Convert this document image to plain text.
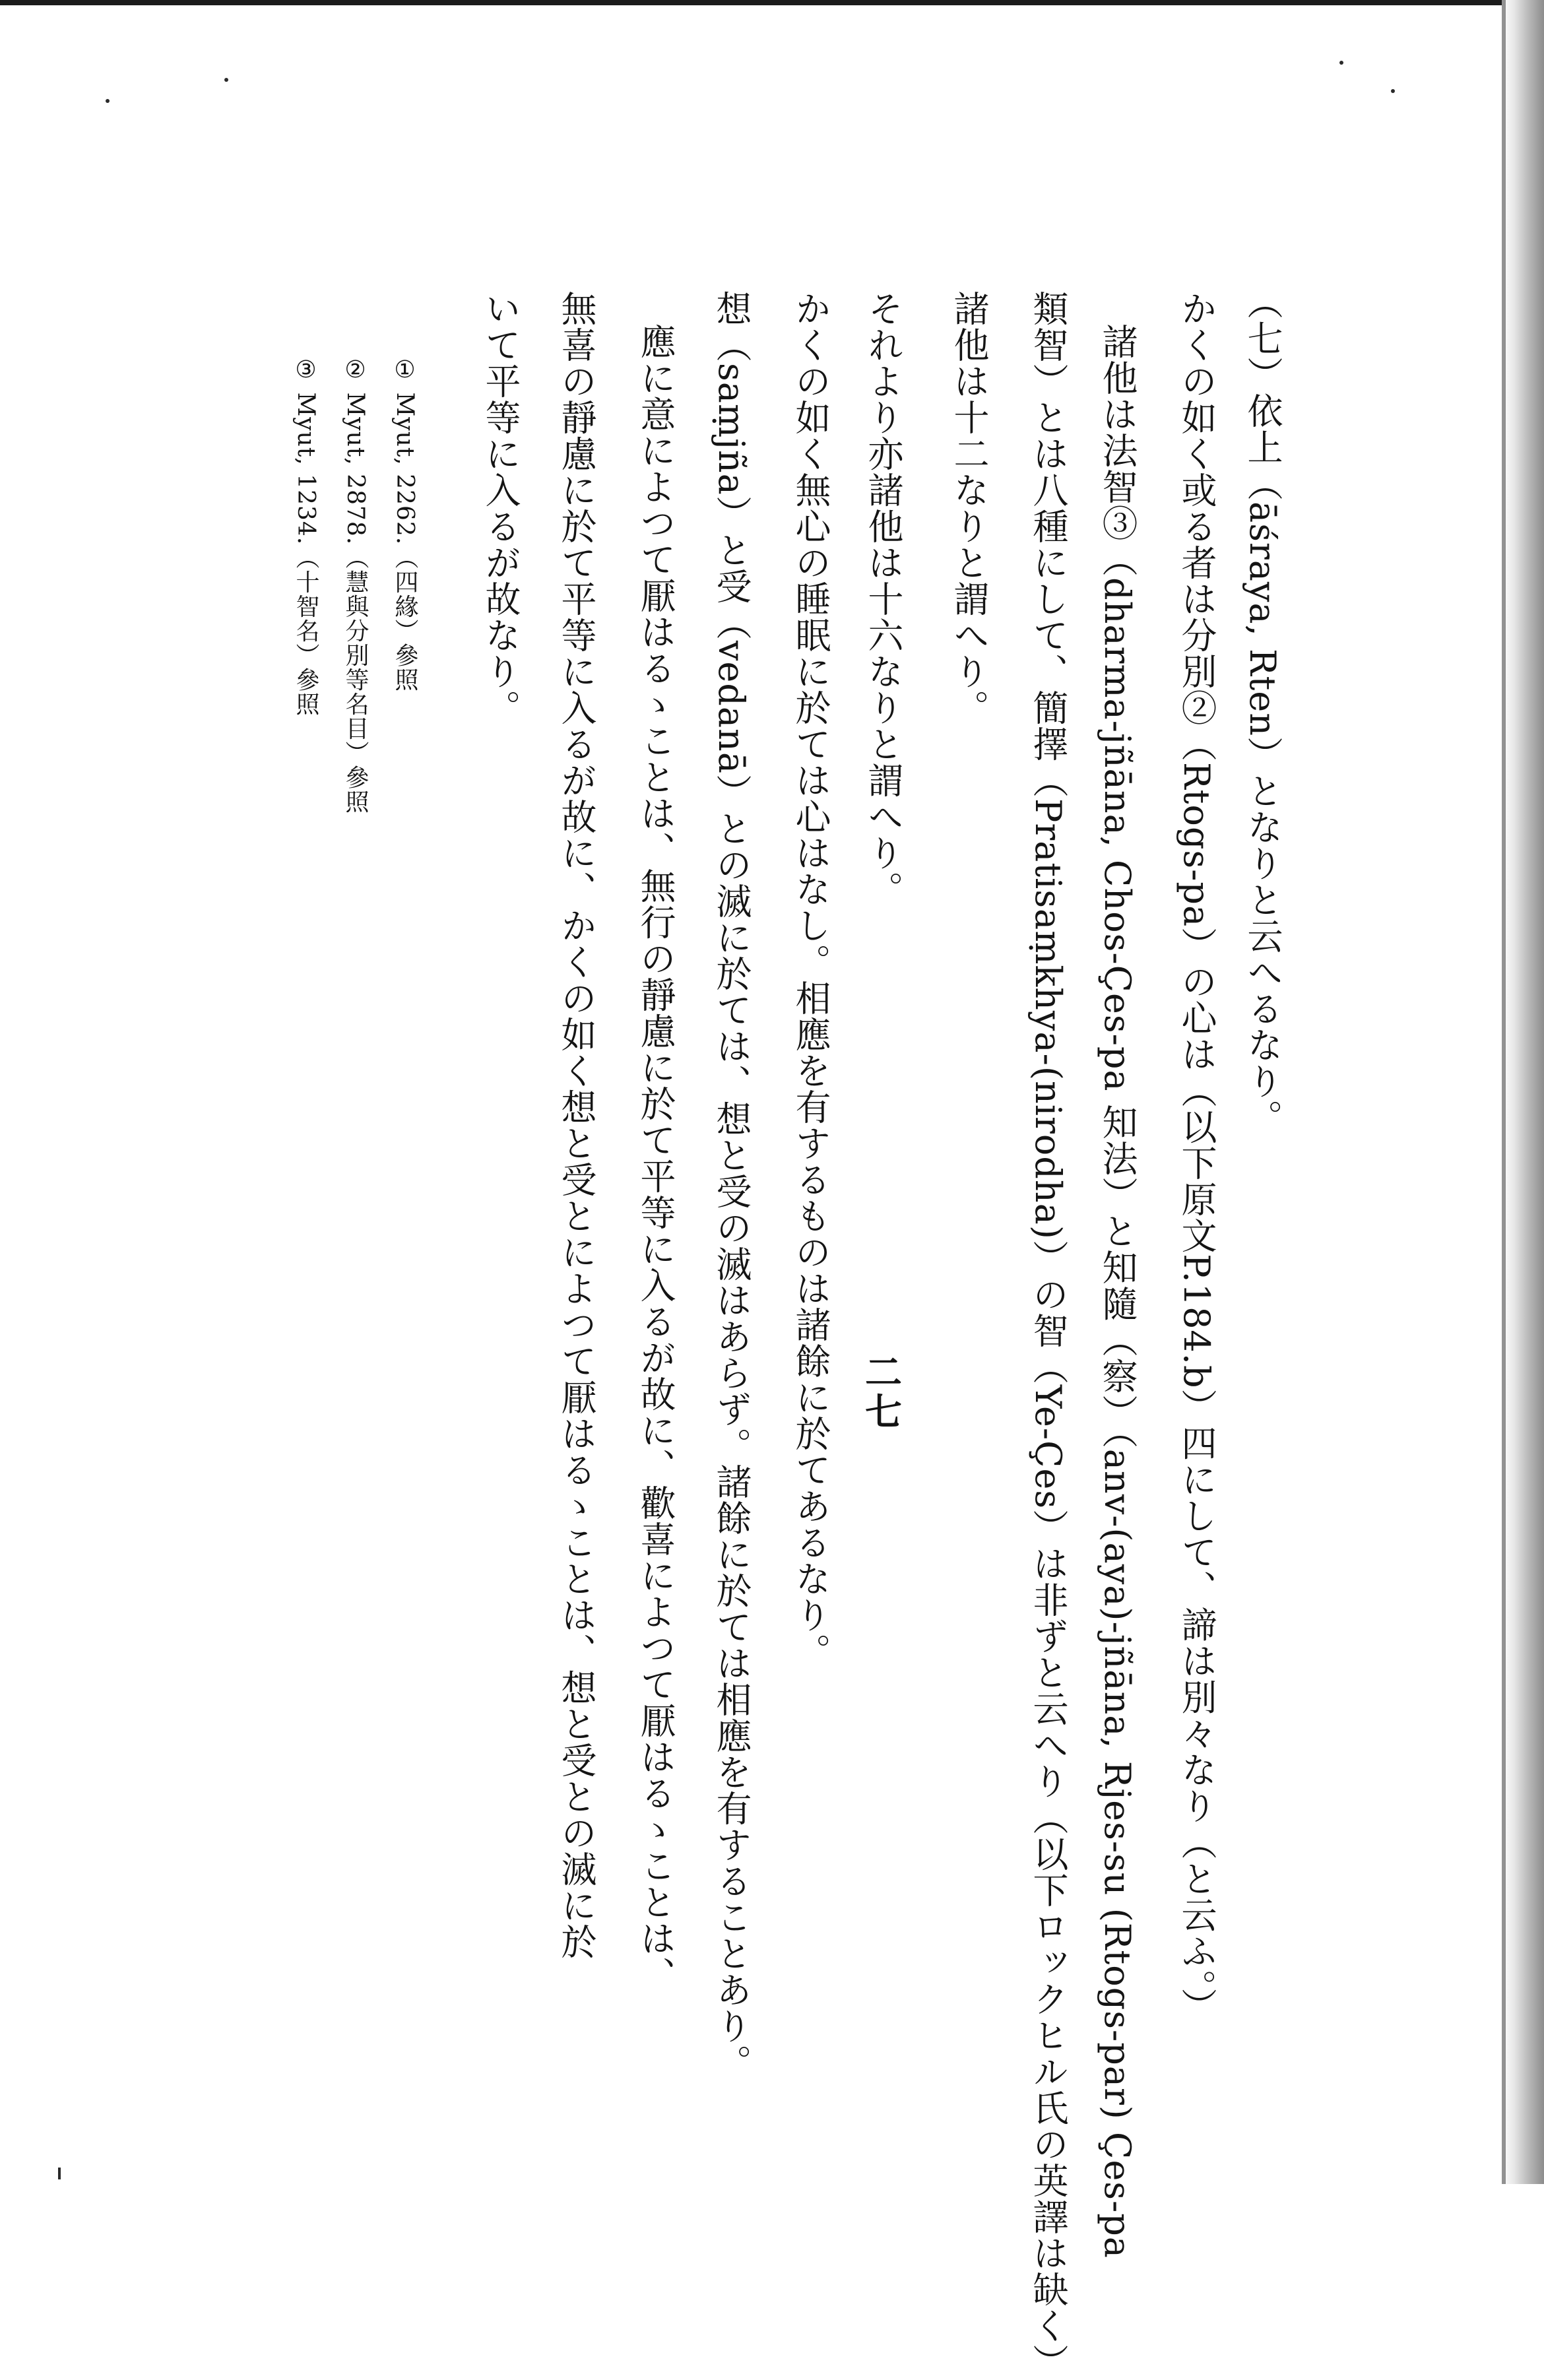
（七）依上（āśraya, Rten）となりと云へるなり。
かくの如く或る者は分別②（Rtogs-pa）の心は（以下原文P.184.b）四にして、諦は別々なり（と云ふ。）
諸他は法智③（dharma-jñāna, Chos-Çes-pa 知法）と知隨（察）（anv-(aya)-jñāna, Rjes-su (Rtogs-par) Çes-pa
類智）とは八種にして、簡擇（Pratisaṃkhya-(nirodha)）の智（Ye-Çes）は非ずと云へり（以下ロックヒル氏の英譯は缺く）
諸他は十二なりと謂へり。
それより亦諸他は十六なりと謂へり。
かくの如く無心の睡眠に於ては心はなし。相應を有するものは諸餘に於てあるなり。
想（saṃjña）と受（vedanā）との滅に於ては、想と受の滅はあらず。諸餘に於ては相應を有することあり。
應に意によつて厭はるゝことは、無行の靜慮に於て平等に入るが故に、歡喜によつて厭はるゝことは、
無喜の靜慮に於て平等に入るが故に、かくの如く想と受とによつて厭はるゝことは、想と受との滅に於
いて平等に入るが故なり。
① Myut, 2262.（四緣）參照
② Myut, 2878.（慧與分別等名目）參照
③ Myut, 1234.（十智名）參照
二七
